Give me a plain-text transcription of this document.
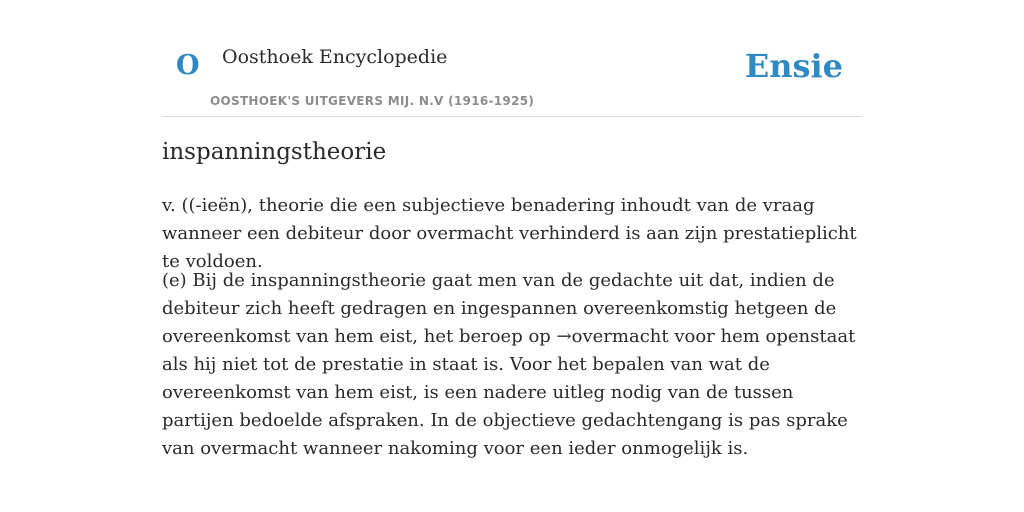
O Oosthoek Encyclopedie
OOSTHOEK'S UITGEVERS MIJ. N.V (1916-1925)
Ensie
inspanningstheorie

v. ((-ieën), theorie die een subjectieve benadering inhoudt van de vraag wanneer een debiteur door overmacht verhinderd is aan zijn prestatieplicht te voldoen.

(e) Bij de inspanningstheorie gaat men van de gedachte uit dat, indien de debiteur zich heeft gedragen en ingespannen overeenkomstig hetgeen de overeenkomst van hem eist, het beroep op →overmacht voor hem openstaat als hij niet tot de prestatie in staat is. Voor het bepalen van wat de overeenkomst van hem eist, is een nadere uitleg nodig van de tussen partijen bedoelde afspraken. In de objectieve gedachtengang is pas sprake van overmacht wanneer nakoming voor een ieder onmogelijk is.
